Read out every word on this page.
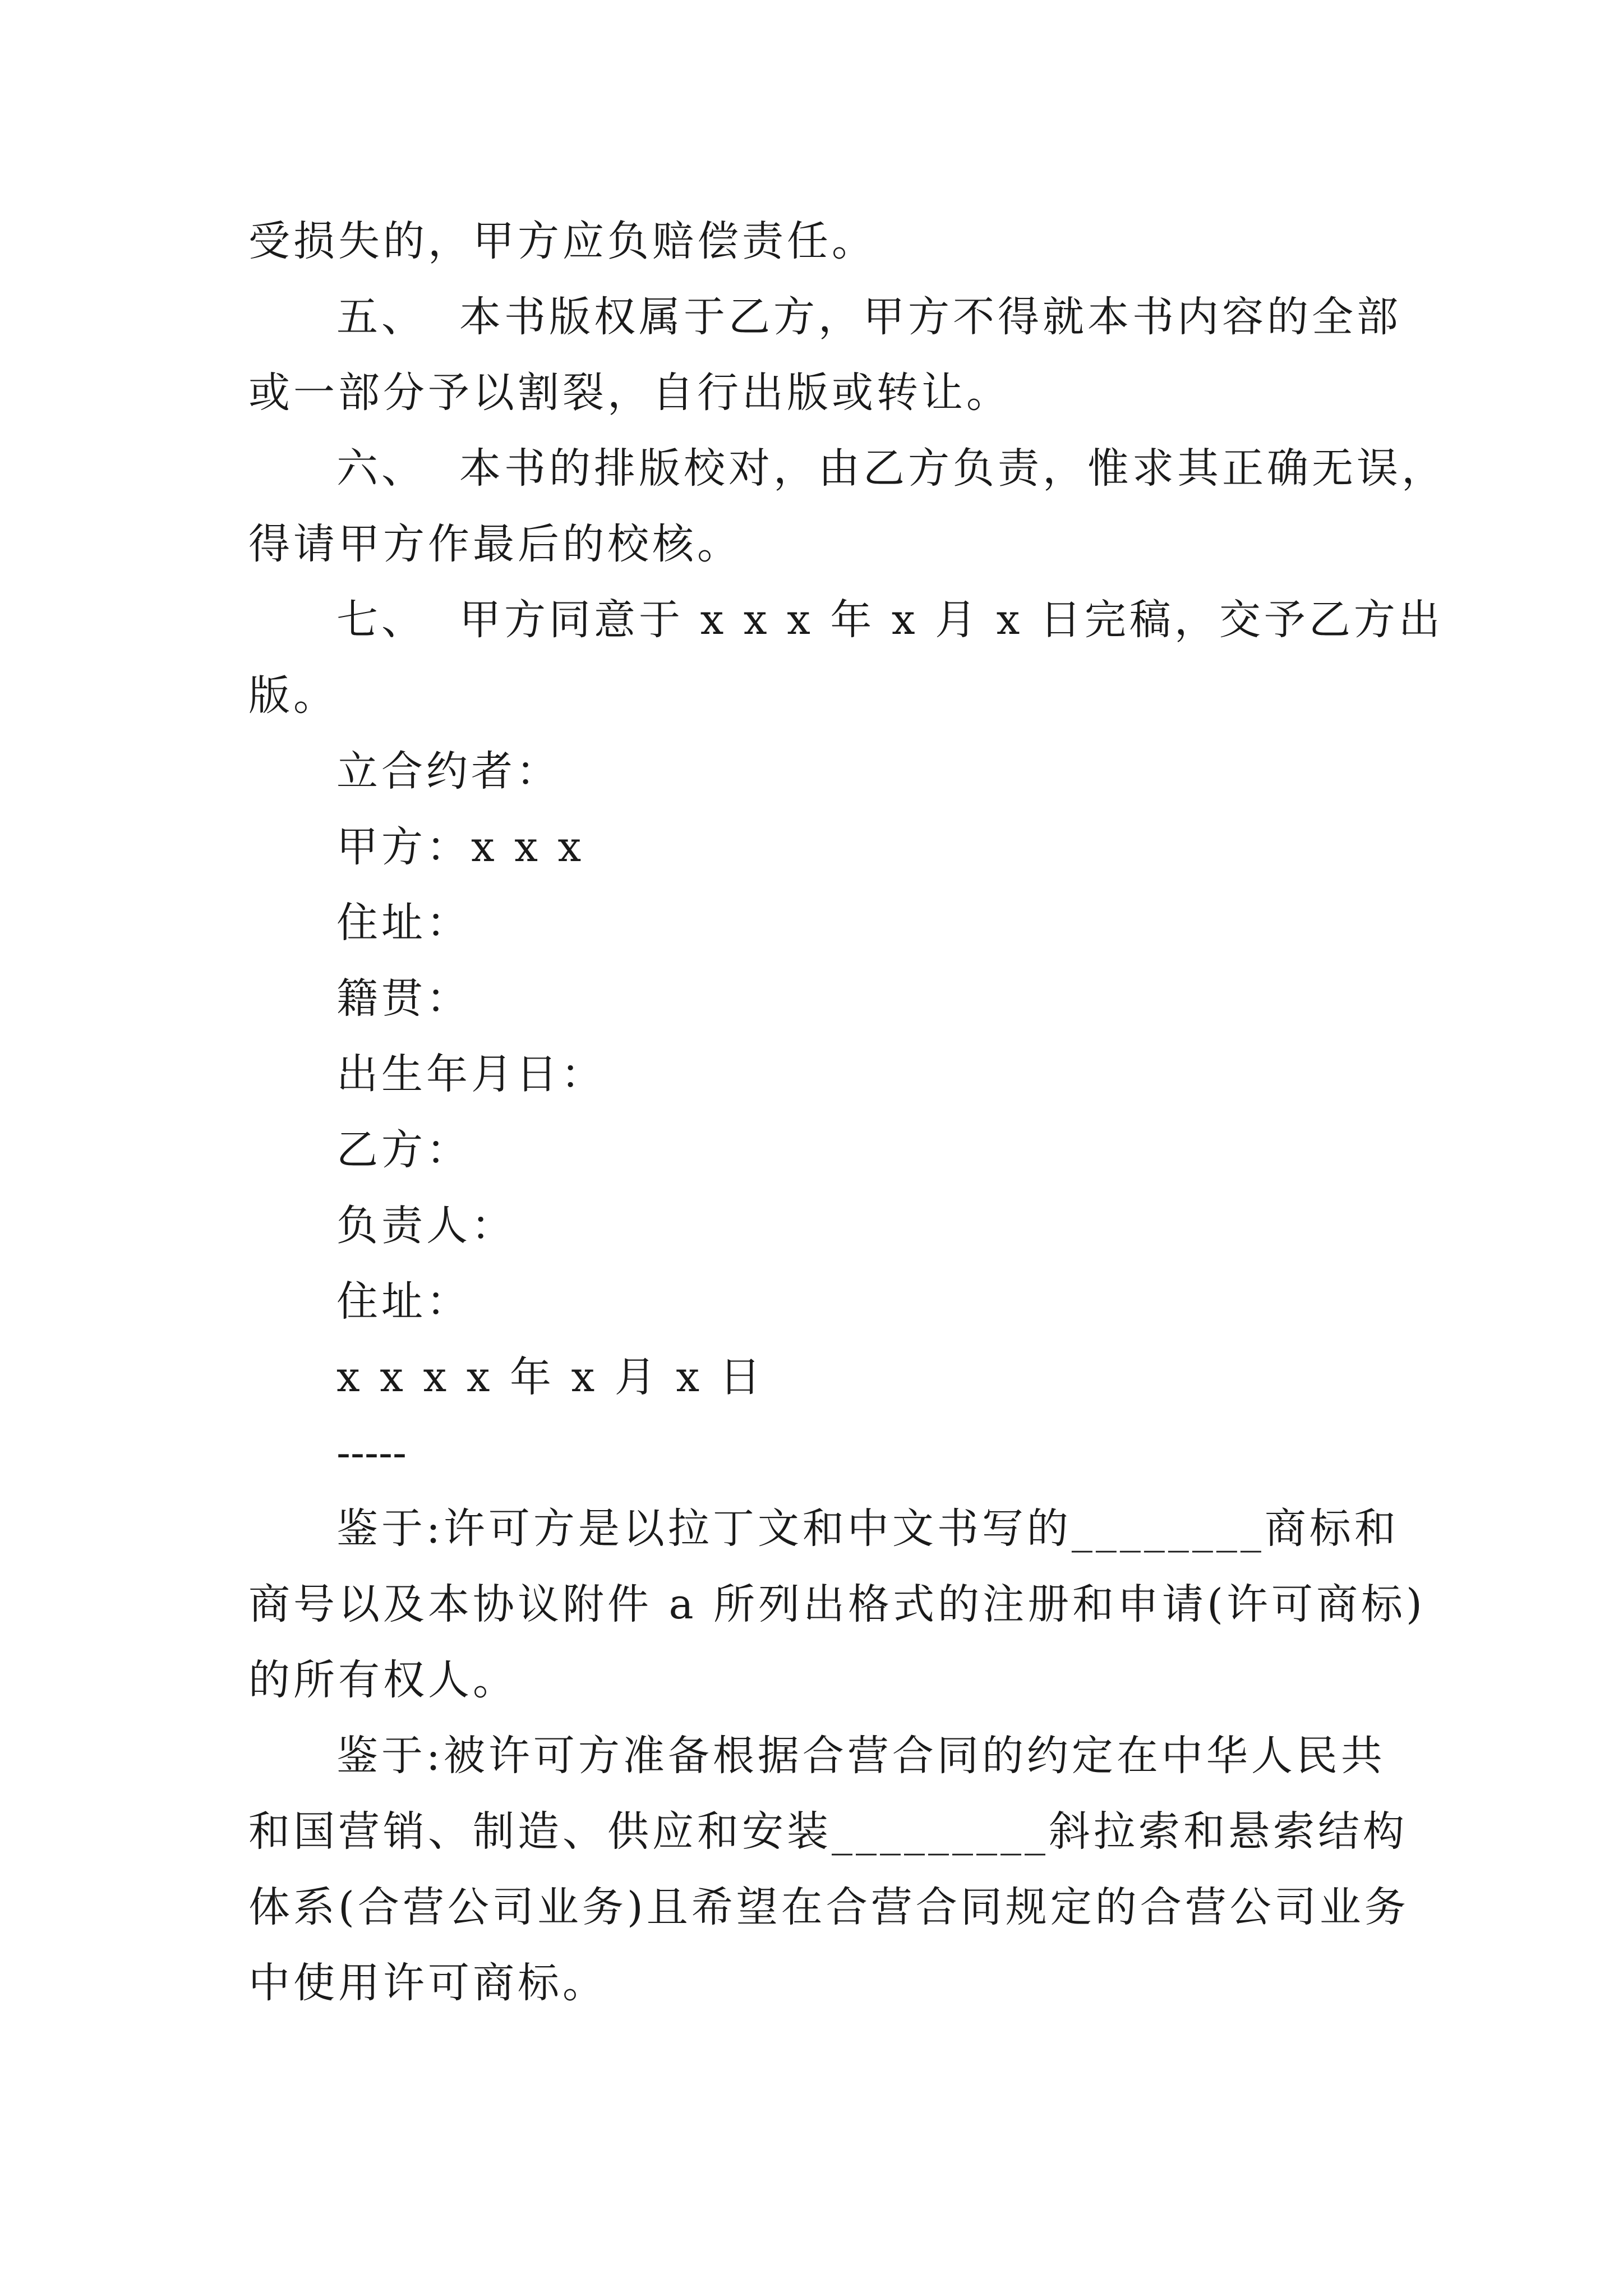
受损失的，甲方应负赔偿责任。
五、  本书版权属于乙方，甲方不得就本书内容的全部
或一部分予以割裂，自行出版或转让。
六、  本书的排版校对，由乙方负责，惟求其正确无误，
得请甲方作最后的校核。
七、  甲方同意于 x x x 年 x 月 x 日完稿，交予乙方出
版。
立合约者：
甲方：x x x
住址：
籍贯：
出生年月日：
乙方：
负责人：
住址：
x x x x 年 x 月 x 日
-----
鉴于:许可方是以拉丁文和中文书写的________商标和
商号以及本协议附件 a 所列出格式的注册和申请(许可商标)
的所有权人。
鉴于:被许可方准备根据合营合同的约定在中华人民共
和国营销、制造、供应和安装_________斜拉索和悬索结构
体系(合营公司业务)且希望在合营合同规定的合营公司业务
中使用许可商标。
